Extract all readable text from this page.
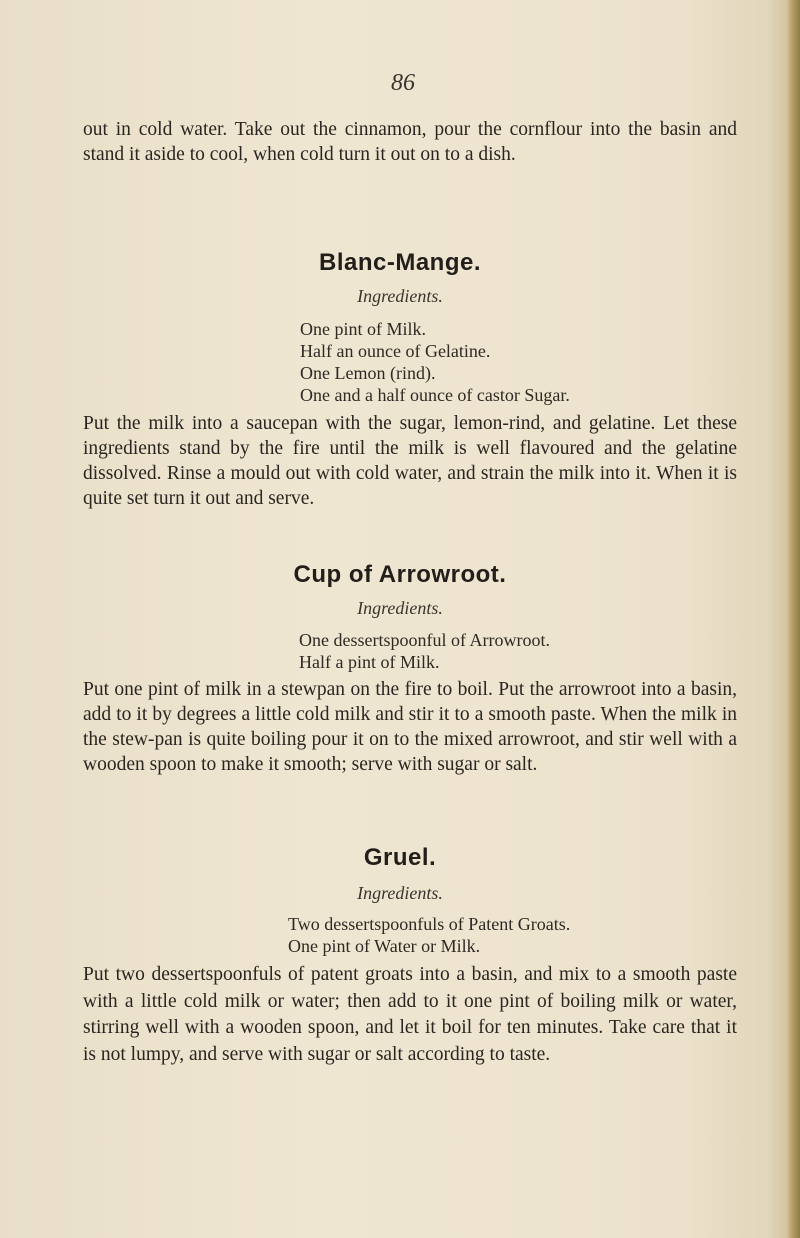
86

out in cold water. Take out the cinnamon, pour the cornflour into the basin and stand it aside to cool, when cold turn it out on to a dish.

Blanc-Mange.
Ingredients.
One pint of Milk.
Half an ounce of Gelatine.
One Lemon (rind).
One and a half ounce of castor Sugar.

Put the milk into a saucepan with the sugar, lemon-rind, and gelatine. Let these ingredients stand by the fire until the milk is well flavoured and the gelatine dissolved. Rinse a mould out with cold water, and strain the milk into it. When it is quite set turn it out and serve.

Cup of Arrowroot.
Ingredients.
One dessertspoonful of Arrowroot.
Half a pint of Milk.

Put one pint of milk in a stewpan on the fire to boil. Put the arrowroot into a basin, add to it by degrees a little cold milk and stir it to a smooth paste. When the milk in the stew-pan is quite boiling pour it on to the mixed arrowroot, and stir well with a wooden spoon to make it smooth; serve with sugar or salt.

Gruel.
Ingredients.
Two dessertspoonfuls of Patent Groats.
One pint of Water or Milk.

Put two dessertspoonfuls of patent groats into a basin, and mix to a smooth paste with a little cold milk or water; then add to it one pint of boiling milk or water, stirring well with a wooden spoon, and let it boil for ten minutes. Take care that it is not lumpy, and serve with sugar or salt according to taste.
